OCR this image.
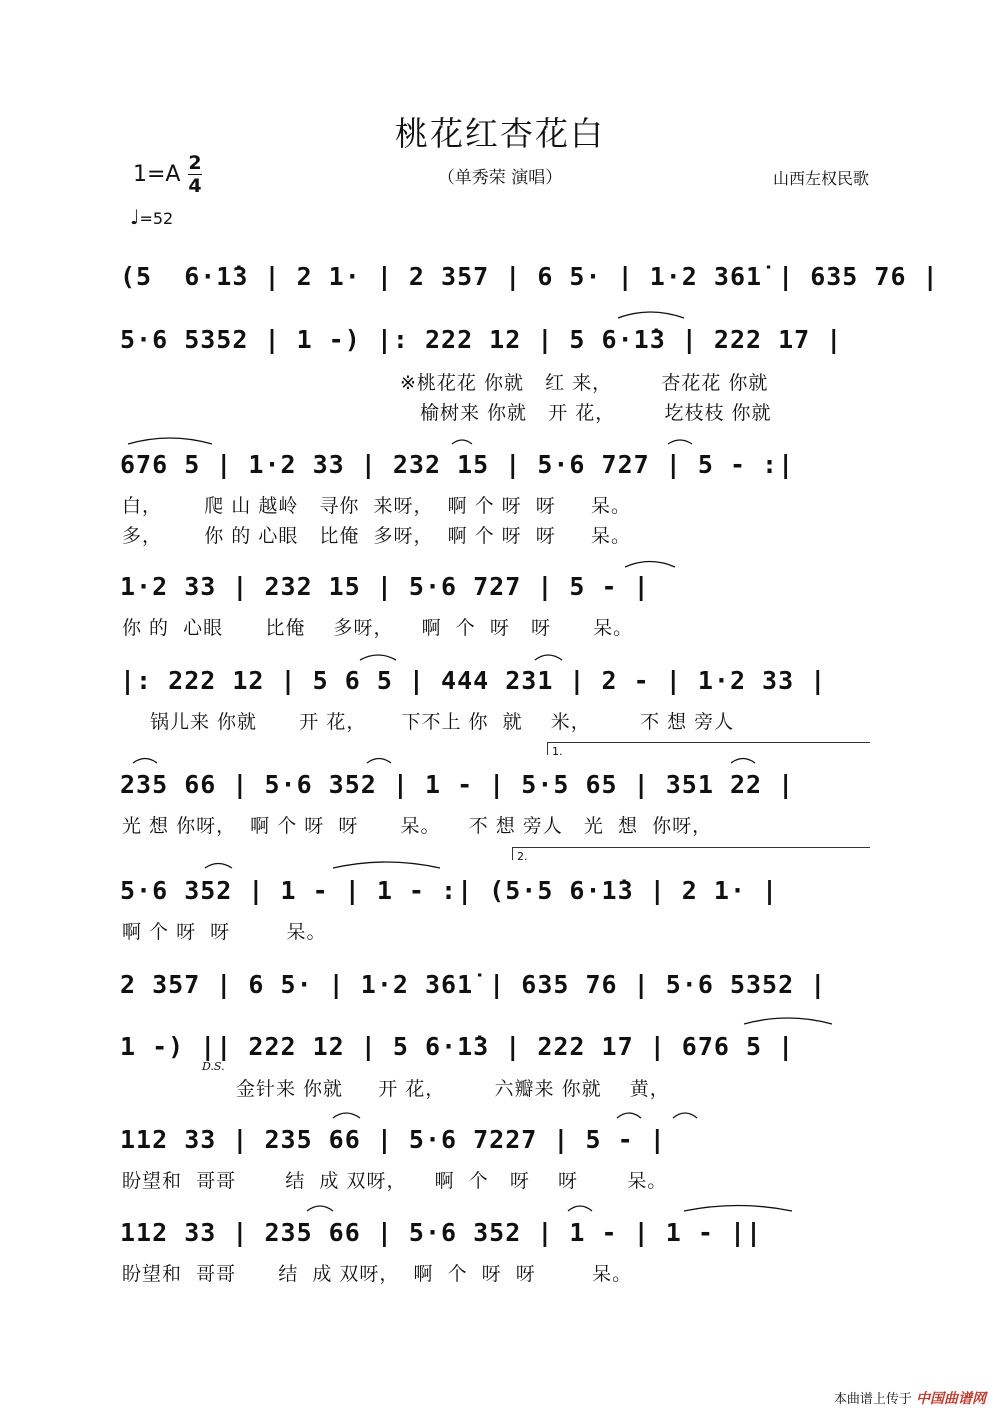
桃花红杏花白
1=A 2
4
♩=52
（单秀荣 演唱）	山西左权民歌
(5  6·1̇3 | 2 1· | 2 357 | 6 5· | 1·2 361̇ | 635 76 |
5·6 5352 | 1 -) |: 222 12 | 5 6·1̇3 | 222 17 |
※桃花花 你就   红 来，       杏花花 你就
榆树来 你就   开 花，       圪枝枝 你就
676 5 | 1·2 33 | 232 15 | 5·6 727 | 5 - :|
白，      爬 山 越岭   寻你  来呀，  啊 个 呀  呀     呆。
多，      你 的 心眼   比俺  多呀，  啊 个 呀  呀     呆。
1·2 33 | 232 15 | 5·6 727 | 5 - |
你 的  心眼      比俺    多呀，    啊  个  呀   呀      呆。
|: 222 12 | 5 6 5 | 444 231 | 2 - | 1·2 33 |
锅儿来 你就      开 花，     下不上 你  就    米，       不 想 旁人
1.
235 66 | 5·6 352 | 1 - | 5·5 65 | 351 22 |
光 想 你呀，  啊 个 呀  呀      呆。    不 想 旁人   光  想  你呀，
2.
5·6 352 | 1 - | 1 - :| (5·5 6·1̇3 | 2 1· |
啊 个 呀  呀        呆。
2 357 | 6 5· | 1·2 361̇ | 635 76 | 5·6 5352 |
1 -) || 222 12 | 5 6·1̇3 | 222 17 | 676 5 |
D.S.
金针来 你就     开 花，       六瓣来 你就    黄，
112 33 | 235 66 | 5·6 7227 | 5 - |
盼望和  哥哥       结  成 双呀，    啊  个   呀    呀       呆。
112 33 | 235 66 | 5·6 352 | 1 - | 1 - ||
盼望和  哥哥      结  成 双呀，  啊  个  呀  呀        呆。
本曲谱上传于 中国曲谱网
